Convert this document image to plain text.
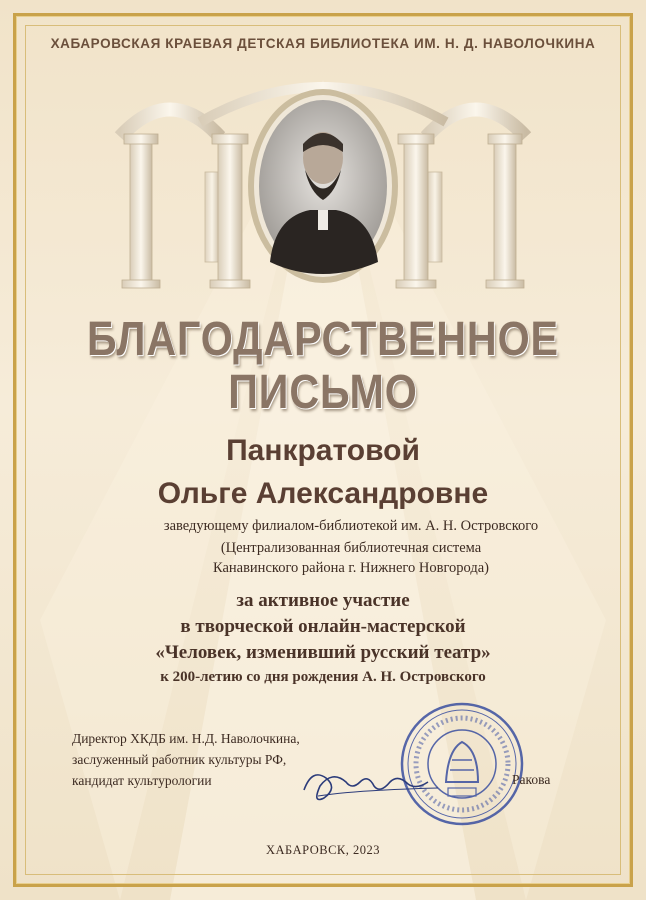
ХАБАРОВСКАЯ КРАЕВАЯ ДЕТСКАЯ БИБЛИОТЕКА ИМ. Н. Д. НАВОЛОЧКИНА
БЛАГОДАРСТВЕННОЕ
ПИСЬМО
Панкратовой
Ольге Александровне
заведующему филиалом-библиотекой им. А. Н. Островского
(Централизованная библиотечная система
Канавинского района г. Нижнего Новгорода)
за активное участие
в творческой онлайн-мастерской
«Человек, изменивший русский театр»
к 200-летию со дня рождения А. Н. Островского
Директор ХКДБ им. Н.Д. Наволочкина,
заслуженный работник культуры РФ,
кандидат культурологии	Ракова
ХАБАРОВСК, 2023
